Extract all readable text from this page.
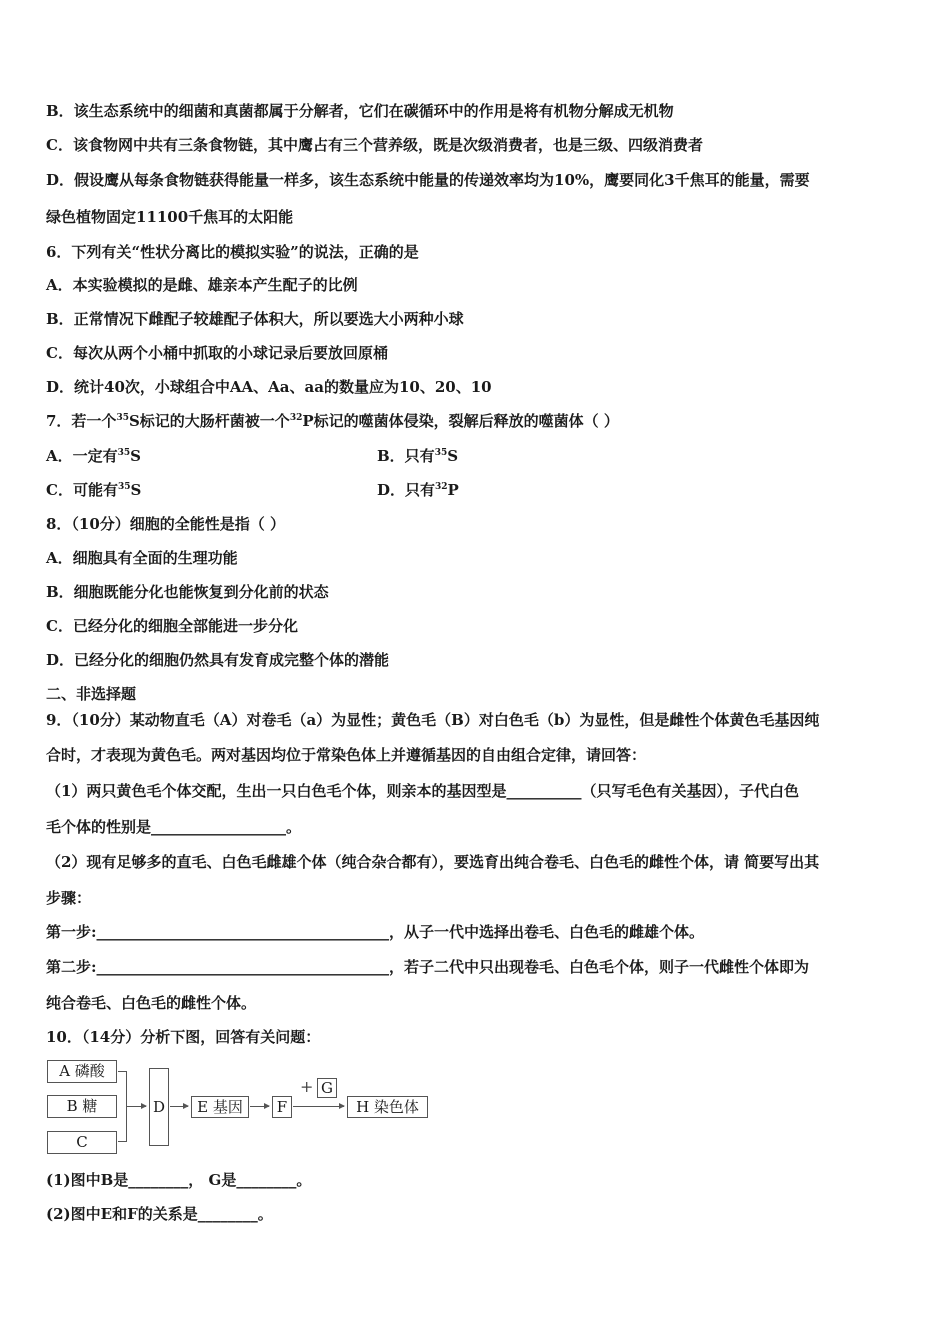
B．该生态系统中的细菌和真菌都属于分解者，它们在碳循环中的作用是将有机物分解成无机物
C．该食物网中共有三条食物链，其中鹰占有三个营养级，既是次级消费者，也是三级、四级消费者
D．假设鹰从每条食物链获得能量一样多，该生态系统中能量的传递效率均为10%，鹰要同化3千焦耳的能量，需要
绿色植物固定11100千焦耳的太阳能
6．下列有关“性状分离比的模拟实验”的说法，正确的是
A．本实验模拟的是雌、雄亲本产生配子的比例
B．正常情况下雌配子较雄配子体积大，所以要选大小两种小球
C．每次从两个小桶中抓取的小球记录后要放回原桶
D．统计40次，小球组合中AA、Aa、aa的数量应为10、20、10
7．若一个$^{35}$S标记的大肠杆菌被一个$^{32}$P标记的噬菌体侵染，裂解后释放的噬菌体（ ）
A．一定有$^{35}$S	B．只有$^{35}$S
C．可能有$^{35}$S	D．只有$^{32}$P
8．（10分）细胞的全能性是指（ ）
A．细胞具有全面的生理功能
B．细胞既能分化也能恢复到分化前的状态
C．已经分化的细胞全部能进一步分化
D．已经分化的细胞仍然具有发育成完整个体的潜能
二、非选择题
9．（10分）某动物直毛（A）对卷毛（a）为显性；黄色毛（B）对白色毛（b）为显性，但是雌性个体黄色毛基因纯
合时，才表现为黄色毛。两对基因均位于常染色体上并遵循基因的自由组合定律，请回答：
（1）两只黄色毛个体交配，生出一只白色毛个体，则亲本的基因型是__________（只写毛色有关基因），子代白色
毛个体的性别是__________________。
（2）现有足够多的直毛、白色毛雌雄个体（纯合杂合都有），要选育出纯合卷毛、白色毛的雌性个体，请 简要写出其
步骤：
第一步:_______________________________________，从子一代中选择出卷毛、白色毛的雌雄个体。
第二步:_______________________________________，若子二代中只出现卷毛、白色毛个体，则子一代雌性个体即为
纯合卷毛、白色毛的雌性个体。
10．（14分）分析下图，回答有关问题：
A 磷酸
B 糖
C
D	E 基因	F
+ G
H 染色体
(1)图中B是________， G是________。
(2)图中E和F的关系是________。
